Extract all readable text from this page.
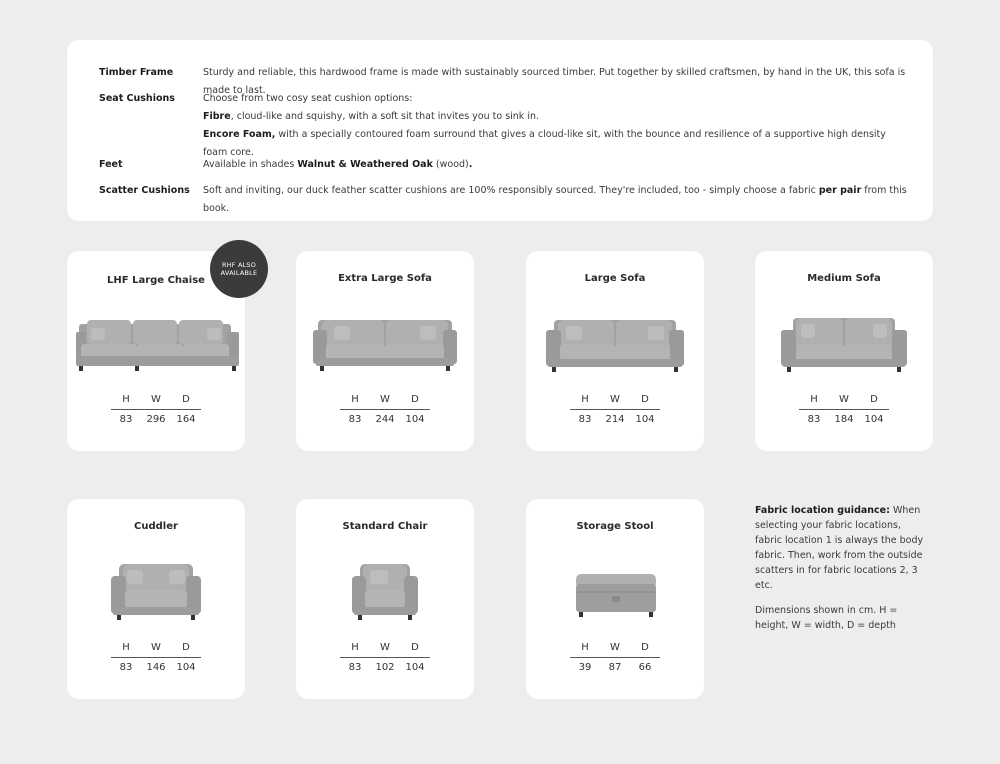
Timber Frame	Sturdy and reliable, this hardwood frame is made with sustainably sourced timber. Put together by skilled craftsmen, by hand in the UK, this sofa is made to last.
Seat Cushions	Choose from two cosy seat cushion options:
Fibre, cloud-like and squishy, with a soft sit that invites you to sink in.
Encore Foam, with a specially contoured foam surround that gives a cloud-like sit, with the bounce and resilience of a supportive high density foam core.
Feet	Available in shades Walnut & Weathered Oak (wood).
Scatter Cushions	Soft and inviting, our duck feather scatter cushions are 100% responsibly sourced. They're included, too - simply choose a fabric per pair from this book.
LHF Large Chaise
H	W	D
83	296	164
RHF ALSO
AVAILABLE	Extra Large Sofa
H	W	D
83	244	104
Large Sofa
H	W	D
83	214	104
Medium Sofa
H	W	D
83	184	104
Cuddler
H	W	D
83	146	104
Standard Chair
H	W	D
83	102	104
Storage Stool
H	W	D
39	87	66
Fabric location guidance: When selecting your fabric locations, fabric location 1 is always the body fabric. Then, work from the outside scatters in for fabric locations 2, 3 etc.
Dimensions shown in cm. H = height, W = width, D = depth
